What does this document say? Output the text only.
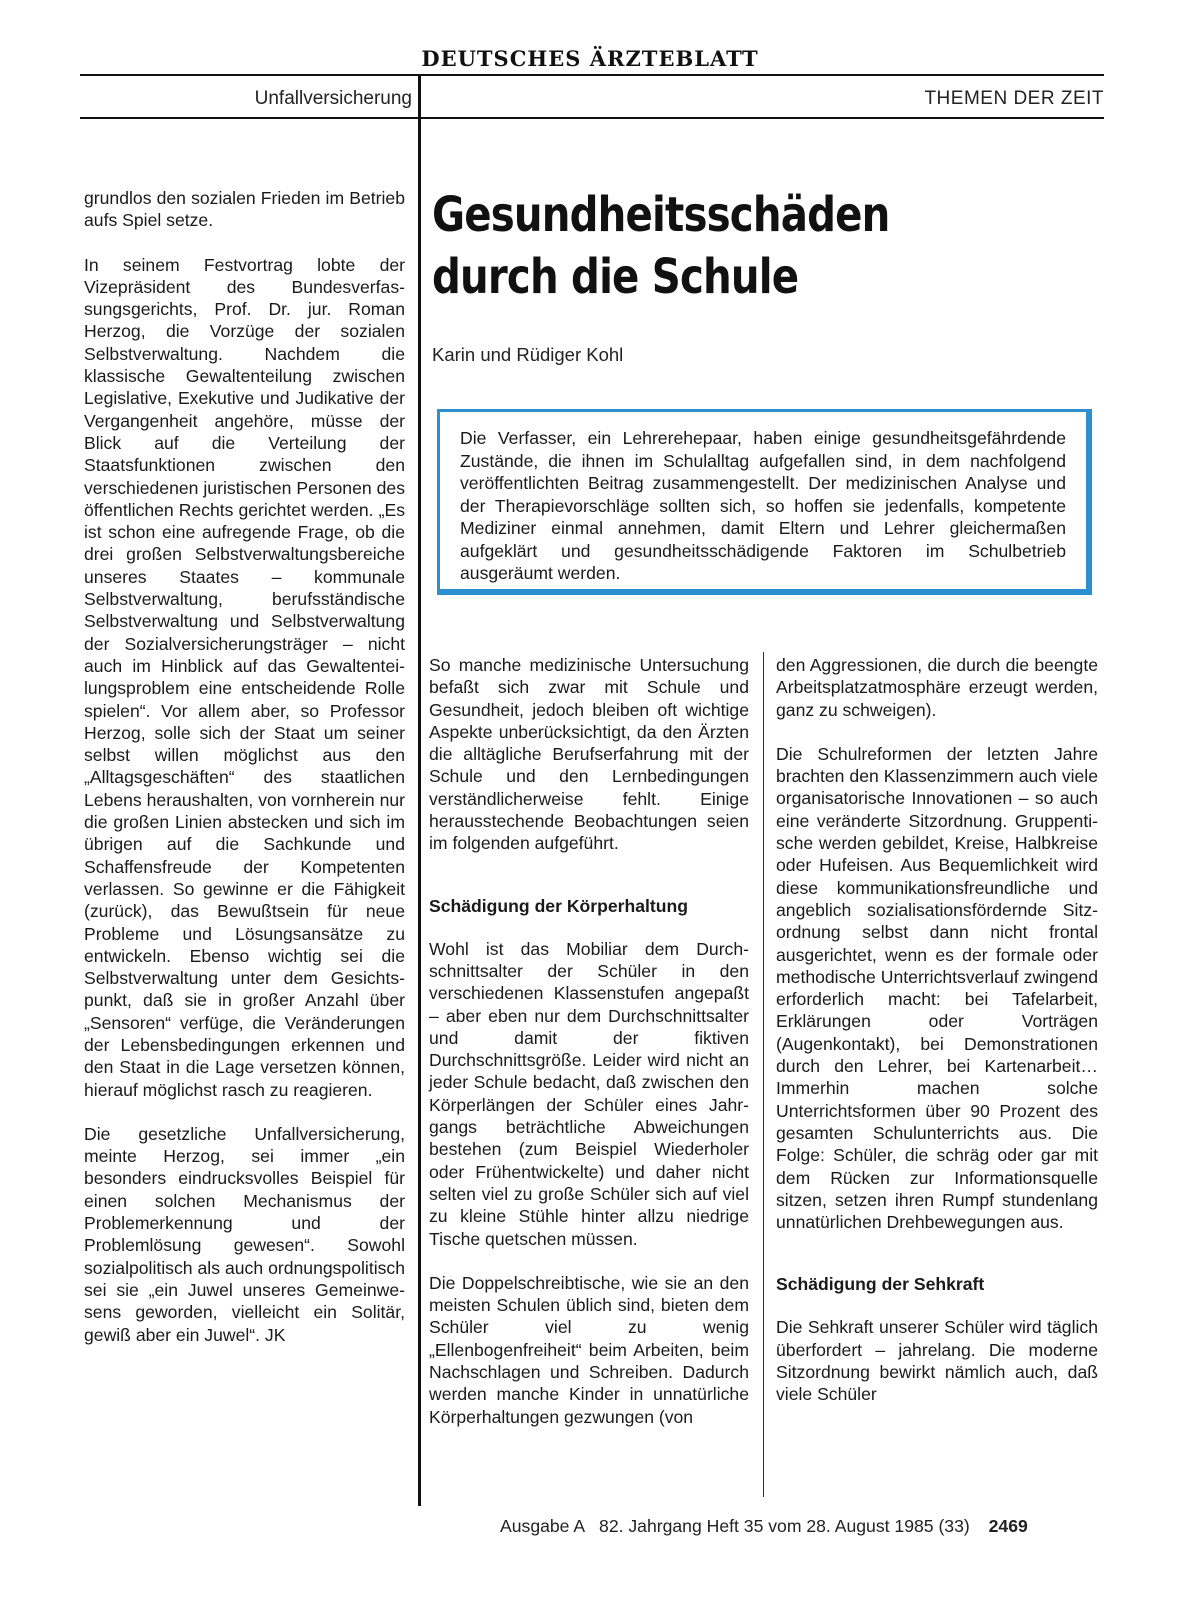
DEUTSCHES ÄRZTEBLATT
Unfallversicherung	THEMEN DER ZEIT

grundlos den sozialen Frieden im Betrieb aufs Spiel setze.

In seinem Festvortrag lobte der Vizepräsident des Bundesverfassungsgerichts, Prof. Dr. jur. Roman Herzog, die Vorzüge der sozialen Selbstverwaltung. Nachdem die klassische Gewaltenteilung zwischen Legislative, Exekutive und Judikative der Vergangenheit angehöre, müsse der Blick auf die Verteilung der Staatsfunktionen zwischen den verschiedenen juristischen Personen des öffentlichen Rechts gerichtet werden. „Es ist schon eine aufregende Frage, ob die drei großen Selbstverwaltungsbereiche unseres Staates – kommunale Selbstverwaltung, berufsständische Selbstverwaltung und Selbstverwaltung der Sozialversicherungsträger – nicht auch im Hinblick auf das Gewaltenteilungsproblem eine entscheidende Rolle spielen“. Vor allem aber, so Professor Herzog, solle sich der Staat um seiner selbst willen möglichst aus den „Alltagsgeschäften“ des staatlichen Lebens heraushalten, von vornherein nur die großen Linien abstecken und sich im übrigen auf die Sachkunde und Schaffensfreude der Kompetenten verlassen. So gewinne er die Fähigkeit (zurück), das Bewußtsein für neue Probleme und Lösungsansätze zu entwickeln. Ebenso wichtig sei die Selbstverwaltung unter dem Gesichtspunkt, daß sie in großer Anzahl über „Sensoren“ verfüge, die Veränderungen der Lebensbedingungen erkennen und den Staat in die Lage versetzen können, hierauf möglichst rasch zu reagieren.

Die gesetzliche Unfallversicherung, meinte Herzog, sei immer „ein besonders eindrucksvolles Beispiel für einen solchen Mechanismus der Problemerkennung und der Problemlösung gewesen“. Sowohl sozialpolitisch als auch ordnungspolitisch sei sie „ein Juwel unseres Gemeinwesens geworden, vielleicht ein Solitär, gewiß aber ein Juwel“. JK

Gesundheitsschäden durch die Schule
Karin und Rüdiger Kohl

Die Verfasser, ein Lehrerehepaar, haben einige gesundheitsgefährdende Zustände, die ihnen im Schulalltag aufgefallen sind, in dem nachfolgend veröffentlichten Beitrag zusammengestellt. Der medizinischen Analyse und der Therapievorschläge sollten sich, so hoffen sie jedenfalls, kompetente Mediziner einmal annehmen, damit Eltern und Lehrer gleichermaßen aufgeklärt und gesundheitsschädigende Faktoren im Schulbetrieb ausgeräumt werden.

So manche medizinische Untersuchung befaßt sich zwar mit Schule und Gesundheit, jedoch bleiben oft wichtige Aspekte unberücksichtigt, da den Ärzten die alltägliche Berufserfahrung mit der Schule und den Lernbedingungen verständlicherweise fehlt. Einige herausstechende Beobachtungen seien im folgenden aufgeführt.

Schädigung der Körperhaltung

Wohl ist das Mobiliar dem Durchschnittsalter der Schüler in den verschiedenen Klassenstufen angepaßt – aber eben nur dem Durchschnittsalter und damit der fiktiven Durchschnittsgröße. Leider wird nicht an jeder Schule bedacht, daß zwischen den Körperlängen der Schüler eines Jahrgangs beträchtliche Abweichungen bestehen (zum Beispiel Wiederholer oder Frühentwickelte) und daher nicht selten viel zu große Schüler sich auf viel zu kleine Stühle hinter allzu niedrige Tische quetschen müssen.

Die Doppelschreibtische, wie sie an den meisten Schulen üblich sind, bieten dem Schüler viel zu wenig „Ellenbogenfreiheit“ beim Arbeiten, beim Nachschlagen und Schreiben. Dadurch werden manche Kinder in unnatürliche Körperhaltungen gezwungen (von

den Aggressionen, die durch die beengte Arbeitsplatzatmosphäre erzeugt werden, ganz zu schweigen).

Die Schulreformen der letzten Jahre brachten den Klassenzimmern auch viele organisatorische Innovationen – so auch eine veränderte Sitzordnung. Gruppentische werden gebildet, Kreise, Halbkreise oder Hufeisen. Aus Bequemlichkeit wird diese kommunikationsfreundliche und angeblich sozialisationsfördernde Sitzordnung selbst dann nicht frontal ausgerichtet, wenn es der formale oder methodische Unterrichtsverlauf zwingend erforderlich macht: bei Tafelarbeit, Erklärungen oder Vorträgen (Augenkontakt), bei Demonstrationen durch den Lehrer, bei Kartenarbeit… Immerhin machen solche Unterrichtsformen über 90 Prozent des gesamten Schulunterrichts aus. Die Folge: Schüler, die schräg oder gar mit dem Rücken zur Informationsquelle sitzen, setzen ihren Rumpf stundenlang unnatürlichen Drehbewegungen aus.

Schädigung der Sehkraft

Die Sehkraft unserer Schüler wird täglich überfordert – jahrelang. Die moderne Sitzordnung bewirkt nämlich auch, daß viele Schüler

Ausgabe A 82. Jahrgang Heft 35 vom 28. August 1985 (33) 2469
